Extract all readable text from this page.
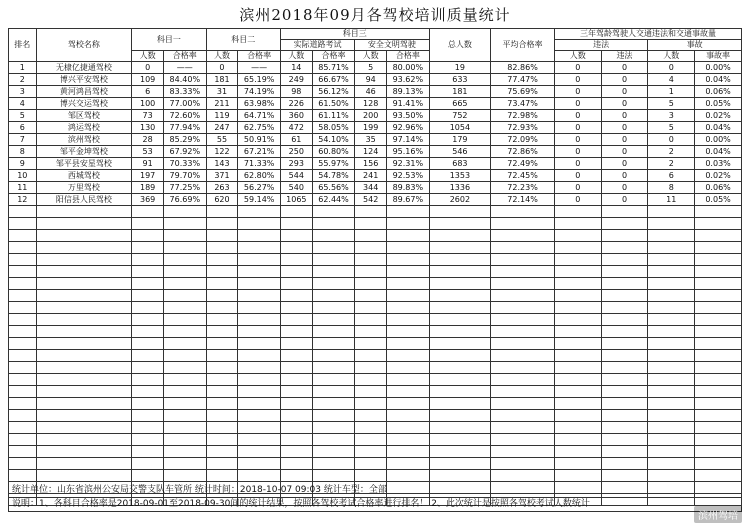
滨州2018年09月各驾校培训质量统计
排名	驾校名称	科目一		科目二		科目三				总人数	平均合格率	三年驾龄驾驶人交通违法和交通事故量			
						实际道路考试		安全文明驾驶				违法		事故	
		人数	合格率	人数	合格率	人数	合格率	人数	合格率			人数	违法	人数	事故率
1	无棣亿捷通驾校	0	——	0	——	14	85.71%	5	80.00%	19	82.86%	0	0	0	0.00%
2	博兴平安驾校	109	84.40%	181	65.19%	249	66.67%	94	93.62%	633	77.47%	0	0	4	0.04%
3	黄河鸿昌驾校	6	83.33%	31	74.19%	98	56.12%	46	89.13%	181	75.69%	0	0	1	0.06%
4	博兴交运驾校	100	77.00%	211	63.98%	226	61.50%	128	91.41%	665	73.47%	0	0	5	0.05%
5	邹区驾校	73	72.60%	119	64.71%	360	61.11%	200	93.50%	752	72.98%	0	0	3	0.02%
6	鸿运驾校	130	77.94%	247	62.75%	472	58.05%	199	92.96%	1054	72.93%	0	0	5	0.04%
7	滨州驾校	28	85.29%	55	50.91%	61	54.10%	35	97.14%	179	72.09%	0	0	0	0.00%
8	邹平金坤驾校	53	67.92%	122	67.21%	250	60.80%	124	95.16%	546	72.86%	0	0	2	0.04%
9	邹平县安星驾校	91	70.33%	143	71.33%	293	55.97%	156	92.31%	683	72.49%	0	0	2	0.03%
10	西城驾校	197	79.70%	371	62.80%	544	54.78%	241	92.53%	1353	72.45%	0	0	6	0.02%
11	万里驾校	189	77.25%	263	56.27%	540	65.56%	344	89.83%	1336	72.23%	0	0	8	0.06%
12	阳信县人民驾校	369	76.69%	620	59.14%	1065	62.44%	542	89.67%	2602	72.14%	0	0	11	0.05%

统计单位：山东省滨州公安局交警支队车管所 统计时间：2018-10-07 09:03 统计车型：全部
说明：1、各科目合格率是2018-09-01至2018-09-30间的统计结果，按照各驾校考试合格率进行排名！ 2、此次统计是按照各驾校考试人数统计
滨州驾培
